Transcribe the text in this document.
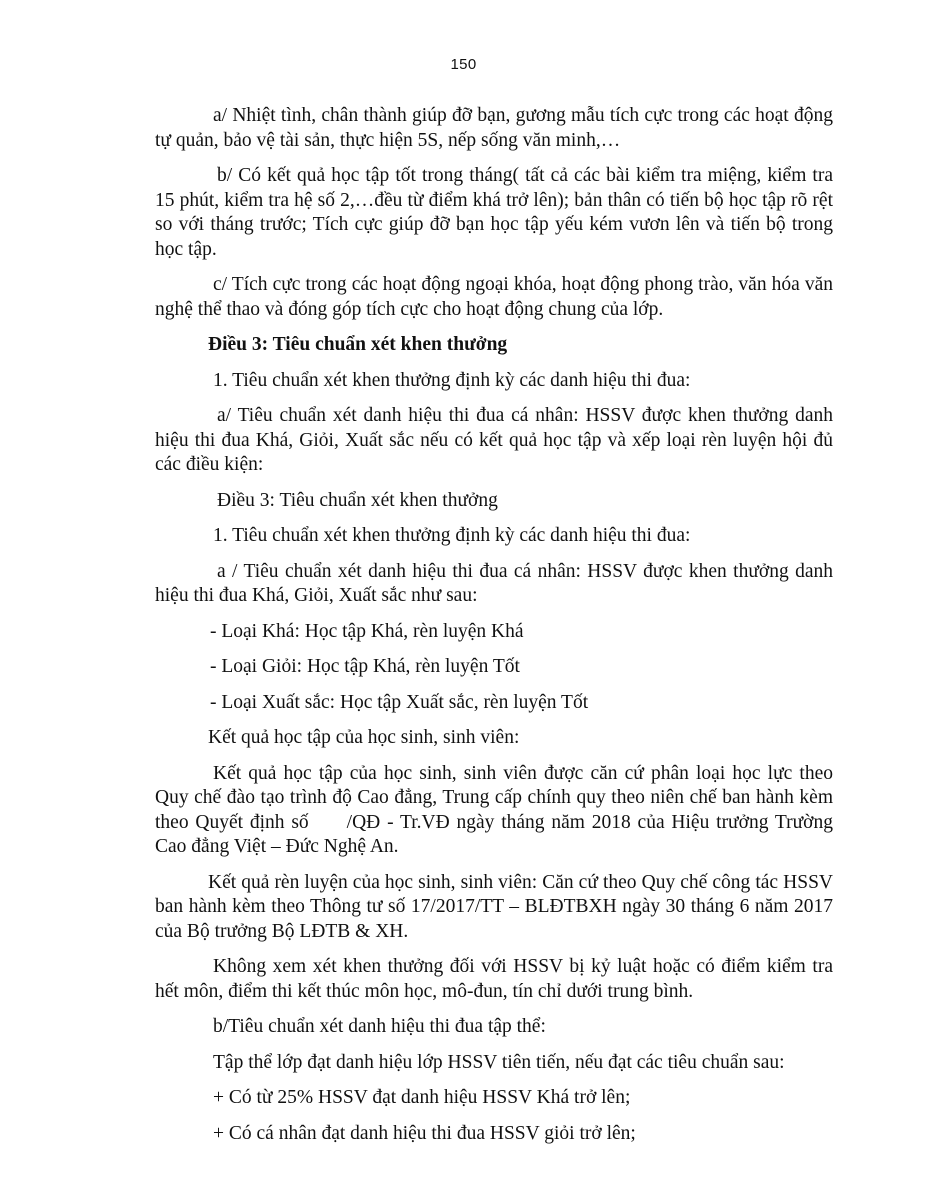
150
a/ Nhiệt tình, chân thành giúp đỡ bạn, gương mẫu tích cực trong các hoạt động tự quản, bảo vệ tài sản, thực hiện 5S, nếp sống văn minh,…
b/ Có kết quả học tập tốt trong tháng( tất cả các bài kiểm tra miệng, kiểm tra 15 phút, kiểm tra hệ số 2,…đều từ điểm khá trở lên); bản thân có tiến bộ học tập rõ rệt so với tháng trước; Tích cực giúp đỡ bạn học tập yếu kém vươn lên và tiến bộ trong học tập.
c/ Tích cực trong các hoạt động ngoại khóa, hoạt động phong trào, văn hóa văn nghệ thể thao và đóng góp tích cực cho hoạt động chung của lớp.
Điều 3: Tiêu chuẩn xét khen thưởng
1. Tiêu chuẩn xét khen thưởng định kỳ các danh hiệu thi đua:
a/ Tiêu chuẩn xét danh hiệu thi đua cá nhân: HSSV được khen thưởng danh hiệu thi đua Khá, Giỏi, Xuất sắc nếu có kết quả học tập và xếp loại rèn luyện hội đủ các điều kiện:
Điều 3: Tiêu chuẩn xét khen thưởng
1. Tiêu chuẩn xét khen thưởng định kỳ các danh hiệu thi đua:
a / Tiêu chuẩn xét danh hiệu thi đua cá nhân: HSSV được khen thưởng danh hiệu thi đua Khá, Giỏi, Xuất sắc như sau:
- Loại Khá: Học tập Khá, rèn luyện Khá
- Loại Giỏi: Học tập Khá, rèn luyện Tốt
- Loại Xuất sắc: Học tập Xuất sắc, rèn luyện Tốt
Kết quả học tập của học sinh, sinh viên:
Kết quả học tập của học sinh, sinh viên được căn cứ phân loại học lực theo Quy chế đào tạo trình độ Cao đẳng, Trung cấp chính quy theo niên chế ban hành kèm theo Quyết định số /QĐ - Tr.VĐ ngày tháng năm 2018 của Hiệu trưởng Trường Cao đẳng Việt – Đức Nghệ An.
Kết quả rèn luyện của học sinh, sinh viên: Căn cứ theo Quy chế công tác HSSV ban hành kèm theo Thông tư số 17/2017/TT – BLĐTBXH ngày 30 tháng 6 năm 2017 của Bộ trưởng Bộ LĐTB & XH.
Không xem xét khen thưởng đối với HSSV bị kỷ luật hoặc có điểm kiểm tra hết môn, điểm thi kết thúc môn học, mô-đun, tín chỉ dưới trung bình.
b/Tiêu chuẩn xét danh hiệu thi đua tập thể:
Tập thể lớp đạt danh hiệu lớp HSSV tiên tiến, nếu đạt các tiêu chuẩn sau:
+ Có từ 25% HSSV đạt danh hiệu HSSV Khá trở lên;
+ Có cá nhân đạt danh hiệu thi đua HSSV giỏi trở lên;
